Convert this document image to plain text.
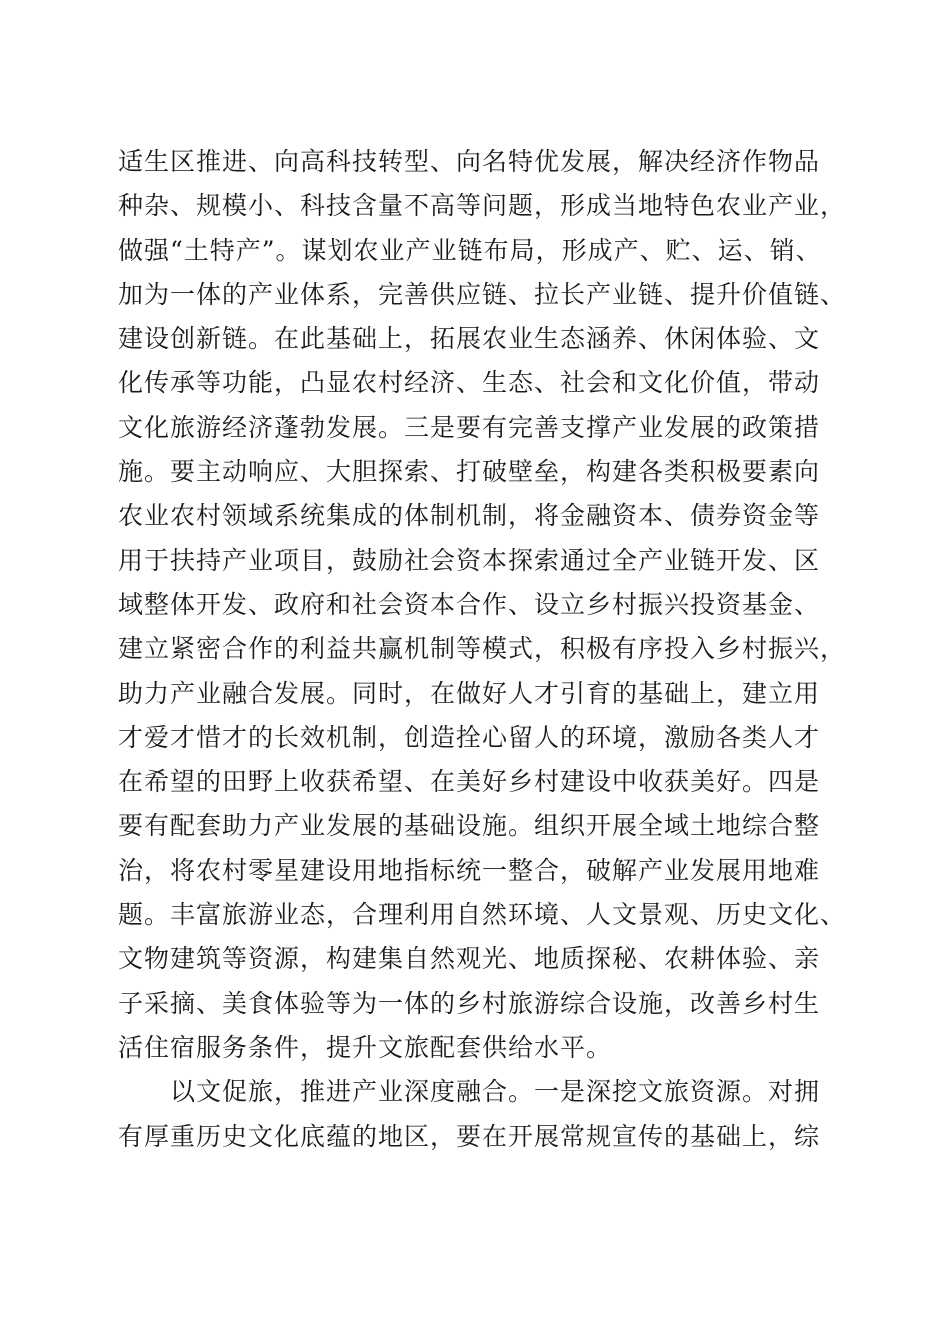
适生区推进、向高科技转型、向名特优发展，解决经济作物品
种杂、规模小、科技含量不高等问题，形成当地特色农业产业，
做强“土特产”。谋划农业产业链布局，形成产、贮、运、销、
加为一体的产业体系，完善供应链、拉长产业链、提升价值链、
建设创新链。在此基础上，拓展农业生态涵养、休闲体验、文
化传承等功能，凸显农村经济、生态、社会和文化价值，带动
文化旅游经济蓬勃发展。三是要有完善支撑产业发展的政策措
施。要主动响应、大胆探索、打破壁垒，构建各类积极要素向
农业农村领域系统集成的体制机制，将金融资本、债券资金等
用于扶持产业项目，鼓励社会资本探索通过全产业链开发、区
域整体开发、政府和社会资本合作、设立乡村振兴投资基金、
建立紧密合作的利益共赢机制等模式，积极有序投入乡村振兴，
助力产业融合发展。同时，在做好人才引育的基础上，建立用
才爱才惜才的长效机制，创造拴心留人的环境，激励各类人才
在希望的田野上收获希望、在美好乡村建设中收获美好。四是
要有配套助力产业发展的基础设施。组织开展全域土地综合整
治，将农村零星建设用地指标统一整合，破解产业发展用地难
题。丰富旅游业态，合理利用自然环境、人文景观、历史文化、
文物建筑等资源，构建集自然观光、地质探秘、农耕体验、亲
子采摘、美食体验等为一体的乡村旅游综合设施，改善乡村生
活住宿服务条件，提升文旅配套供给水平。
以文促旅，推进产业深度融合。一是深挖文旅资源。对拥
有厚重历史文化底蕴的地区，要在开展常规宣传的基础上，综
